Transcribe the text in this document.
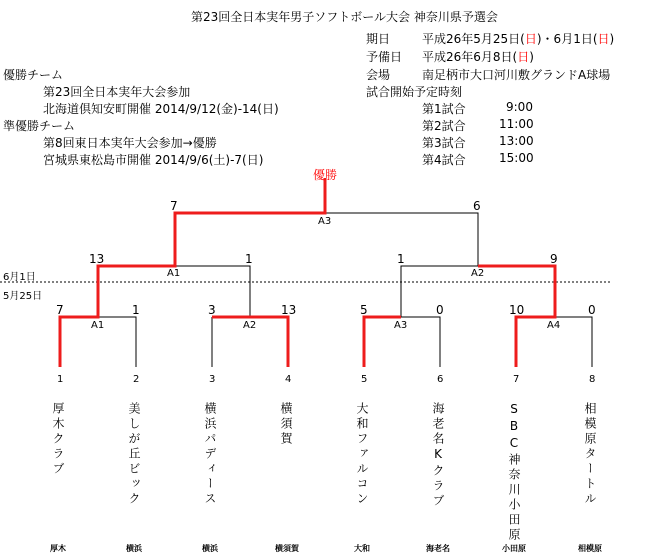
第23回全日本実年男子ソフトボール大会 神奈川県予選会
期日	平成26年5月25日(日)・6月1日(日)
予備日 平成26年6月8日(日)
会場	南足柄市大口河川敷グランドA球場
試合開始予定時刻
第1試合	9:00
第2試合	11:00
第3試合	13:00
第4試合	15:00
優勝チーム
第23回全日本実年大会参加
北海道倶知安町開催 2014/9/12(金)-14(日)
準優勝チーム
第8回東日本実年大会参加→優勝
宮城県東松島市開催 2014/9/6(土)-7(日)
優勝
7	6
A3
13	1
A1
1	9
A2
6月1日
5月25日
7	1
A1
3	13
A2
5	0
A3
10	0
A4
1	2	3	4	5	6	7	8
厚木クラブ	美しが丘ビック	横浜パディース	横須賀	大和ファルコン	海老名Kクラブ	SBC神奈川小田原	相模原タートル
厚木	横浜	横浜	横須賀	大和	海老名	小田原	相模原
